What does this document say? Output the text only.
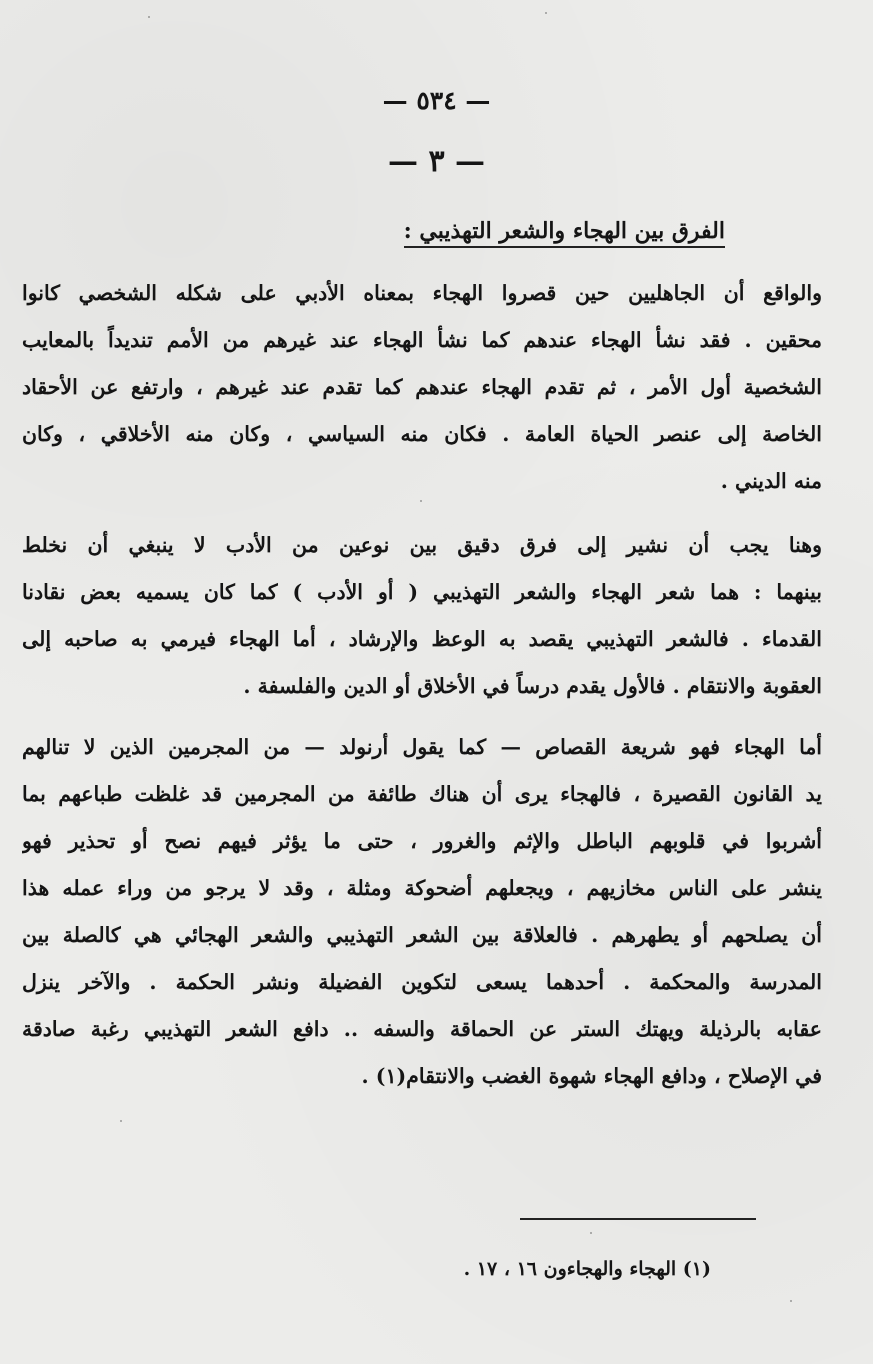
— ٥٣٤ —
— ٣ —
الفرق بين الهجاء والشعر التهذيبي :
والواقع أن الجاهليين حين قصروا الهجاء بمعناه الأدبي على شكله الشخصي كانوا
محقين . فقد نشأ الهجاء عندهم كما نشأ الهجاء عند غيرهم من الأمم تنديداً بالمعايب
الشخصية أول الأمر ، ثم تقدم الهجاء عندهم كما تقدم عند غيرهم ، وارتفع عن الأحقاد
الخاصة إلى عنصر الحياة العامة . فكان منه السياسي ، وكان منه الأخلاقي ، وكان
منه الديني .
وهنا يجب أن نشير إلى فرق دقيق بين نوعين من الأدب لا ينبغي أن نخلط
بينهما : هما شعر الهجاء والشعر التهذيبي ( أو الأدب ) كما كان يسميه بعض نقادنا
القدماء . فالشعر التهذيبي يقصد به الوعظ والإرشاد ، أما الهجاء فيرمي به صاحبه إلى
العقوبة والانتقام . فالأول يقدم درساً في الأخلاق أو الدين والفلسفة .
أما الهجاء فهو شريعة القصاص — كما يقول أرنولد — من المجرمين الذين لا تنالهم
يد القانون القصيرة ، فالهجاء يرى أن هناك طائفة من المجرمين قد غلظت طباعهم بما
أشربوا في قلوبهم الباطل والإثم والغرور ، حتى ما يؤثر فيهم نصح أو تحذير فهو
ينشر على الناس مخازيهم ، ويجعلهم أضحوكة ومثلة ، وقد لا يرجو من وراء عمله هذا
أن يصلحهم أو يطهرهم . فالعلاقة بين الشعر التهذيبي والشعر الهجائي هي كالصلة بين
المدرسة والمحكمة . أحدهما يسعى لتكوين الفضيلة ونشر الحكمة . والآخر ينزل
عقابه بالرذيلة ويهتك الستر عن الحماقة والسفه .. دافع الشعر التهذيبي رغبة صادقة
في الإصلاح ، ودافع الهجاء شهوة الغضب والانتقام(١) .
(١) الهجاء والهجاءون ١٦ ، ١٧ .
